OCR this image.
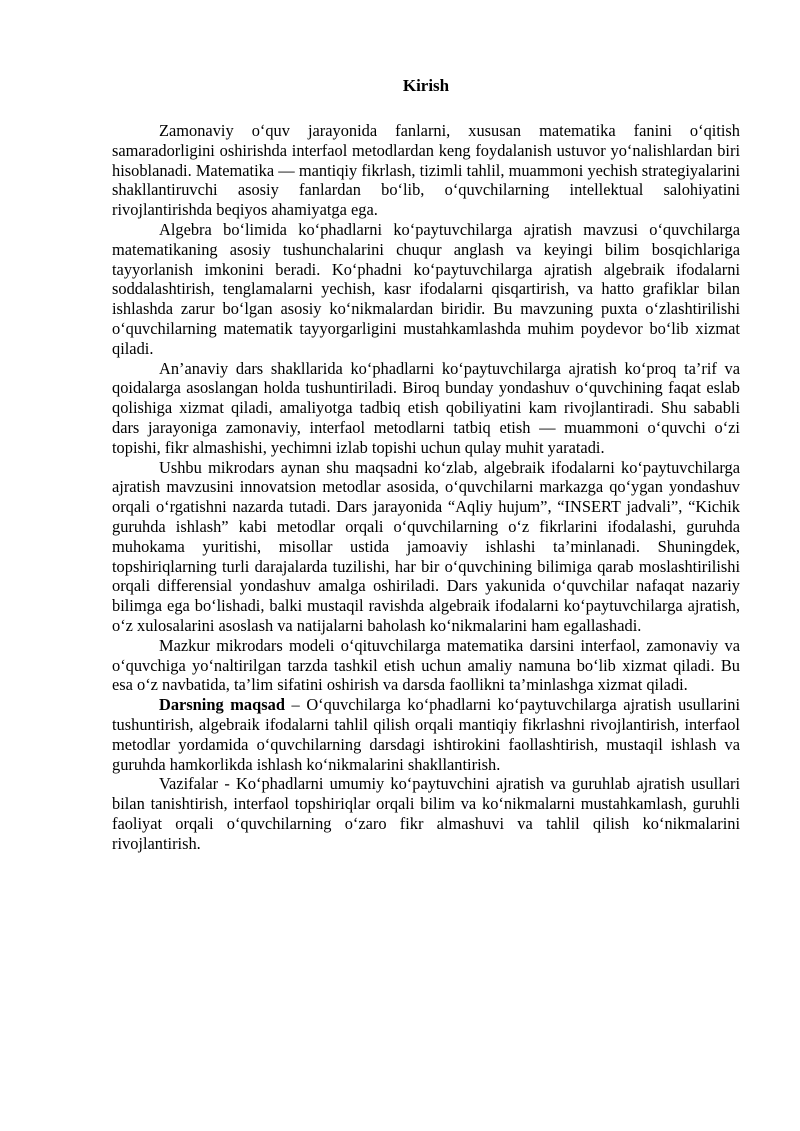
Kirish

Zamonaviy o‘quv jarayonida fanlarni, xususan matematika fanini o‘qitish samaradorligini oshirishda interfaol metodlardan keng foydalanish ustuvor yo‘nalishlardan biri hisoblanadi. Matematika — mantiqiy fikrlash, tizimli tahlil, muammoni yechish strategiyalarini shakllantiruvchi asosiy fanlardan bo‘lib, o‘quvchilarning intellektual salohiyatini rivojlantirishda beqiyos ahamiyatga ega.

Algebra bo‘limida ko‘phadlarni ko‘paytuvchilarga ajratish mavzusi o‘quvchilarga matematikaning asosiy tushunchalarini chuqur anglash va keyingi bilim bosqichlariga tayyorlanish imkonini beradi. Ko‘phadni ko‘paytuvchilarga ajratish algebraik ifodalarni soddalashtirish, tenglamalarni yechish, kasr ifodalarni qisqartirish, va hatto grafiklar bilan ishlashda zarur bo‘lgan asosiy ko‘nikmalardan biridir. Bu mavzuning puxta o‘zlashtirilishi o‘quvchilarning matematik tayyorgarligini mustahkamlashda muhim poydevor bo‘lib xizmat qiladi.

An’anaviy dars shakllarida ko‘phadlarni ko‘paytuvchilarga ajratish ko‘proq ta’rif va qoidalarga asoslangan holda tushuntiriladi. Biroq bunday yondashuv o‘quvchining faqat eslab qolishiga xizmat qiladi, amaliyotga tadbiq etish qobiliyatini kam rivojlantiradi. Shu sababli dars jarayoniga zamonaviy, interfaol metodlarni tatbiq etish — muammoni o‘quvchi o‘zi topishi, fikr almashishi, yechimni izlab topishi uchun qulay muhit yaratadi.

Ushbu mikrodars aynan shu maqsadni ko‘zlab, algebraik ifodalarni ko‘paytuvchilarga ajratish mavzusini innovatsion metodlar asosida, o‘quvchilarni markazga qo‘ygan yondashuv orqali o‘rgatishni nazarda tutadi. Dars jarayonida “Aqliy hujum”, “INSERT jadvali”, “Kichik guruhda ishlash” kabi metodlar orqali o‘quvchilarning o‘z fikrlarini ifodalashi, guruhda muhokama yuritishi, misollar ustida jamoaviy ishlashi ta’minlanadi. Shuningdek, topshiriqlarning turli darajalarda tuzilishi, har bir o‘quvchining bilimiga qarab moslashtirilishi orqali differensial yondashuv amalga oshiriladi. Dars yakunida o‘quvchilar nafaqat nazariy bilimga ega bo‘lishadi, balki mustaqil ravishda algebraik ifodalarni ko‘paytuvchilarga ajratish, o‘z xulosalarini asoslash va natijalarni baholash ko‘nikmalarini ham egallashadi.

Mazkur mikrodars modeli o‘qituvchilarga matematika darsini interfaol, zamonaviy va o‘quvchiga yo‘naltirilgan tarzda tashkil etish uchun amaliy namuna bo‘lib xizmat qiladi. Bu esa o‘z navbatida, ta’lim sifatini oshirish va darsda faollikni ta’minlashga xizmat qiladi.

Darsning maqsad – O‘quvchilarga ko‘phadlarni ko‘paytuvchilarga ajratish usullarini tushuntirish, algebraik ifodalarni tahlil qilish orqali mantiqiy fikrlashni rivojlantirish, interfaol metodlar yordamida o‘quvchilarning darsdagi ishtirokini faollashtirish, mustaqil ishlash va guruhda hamkorlikda ishlash ko‘nikmalarini shakllantirish.

Vazifalar - Ko‘phadlarni umumiy ko‘paytuvchini ajratish va guruhlab ajratish usullari bilan tanishtirish, interfaol topshiriqlar orqali bilim va ko‘nikmalarni mustahkamlash, guruhli faoliyat orqali o‘quvchilarning o‘zaro fikr almashuvi va tahlil qilish ko‘nikmalarini rivojlantirish.
